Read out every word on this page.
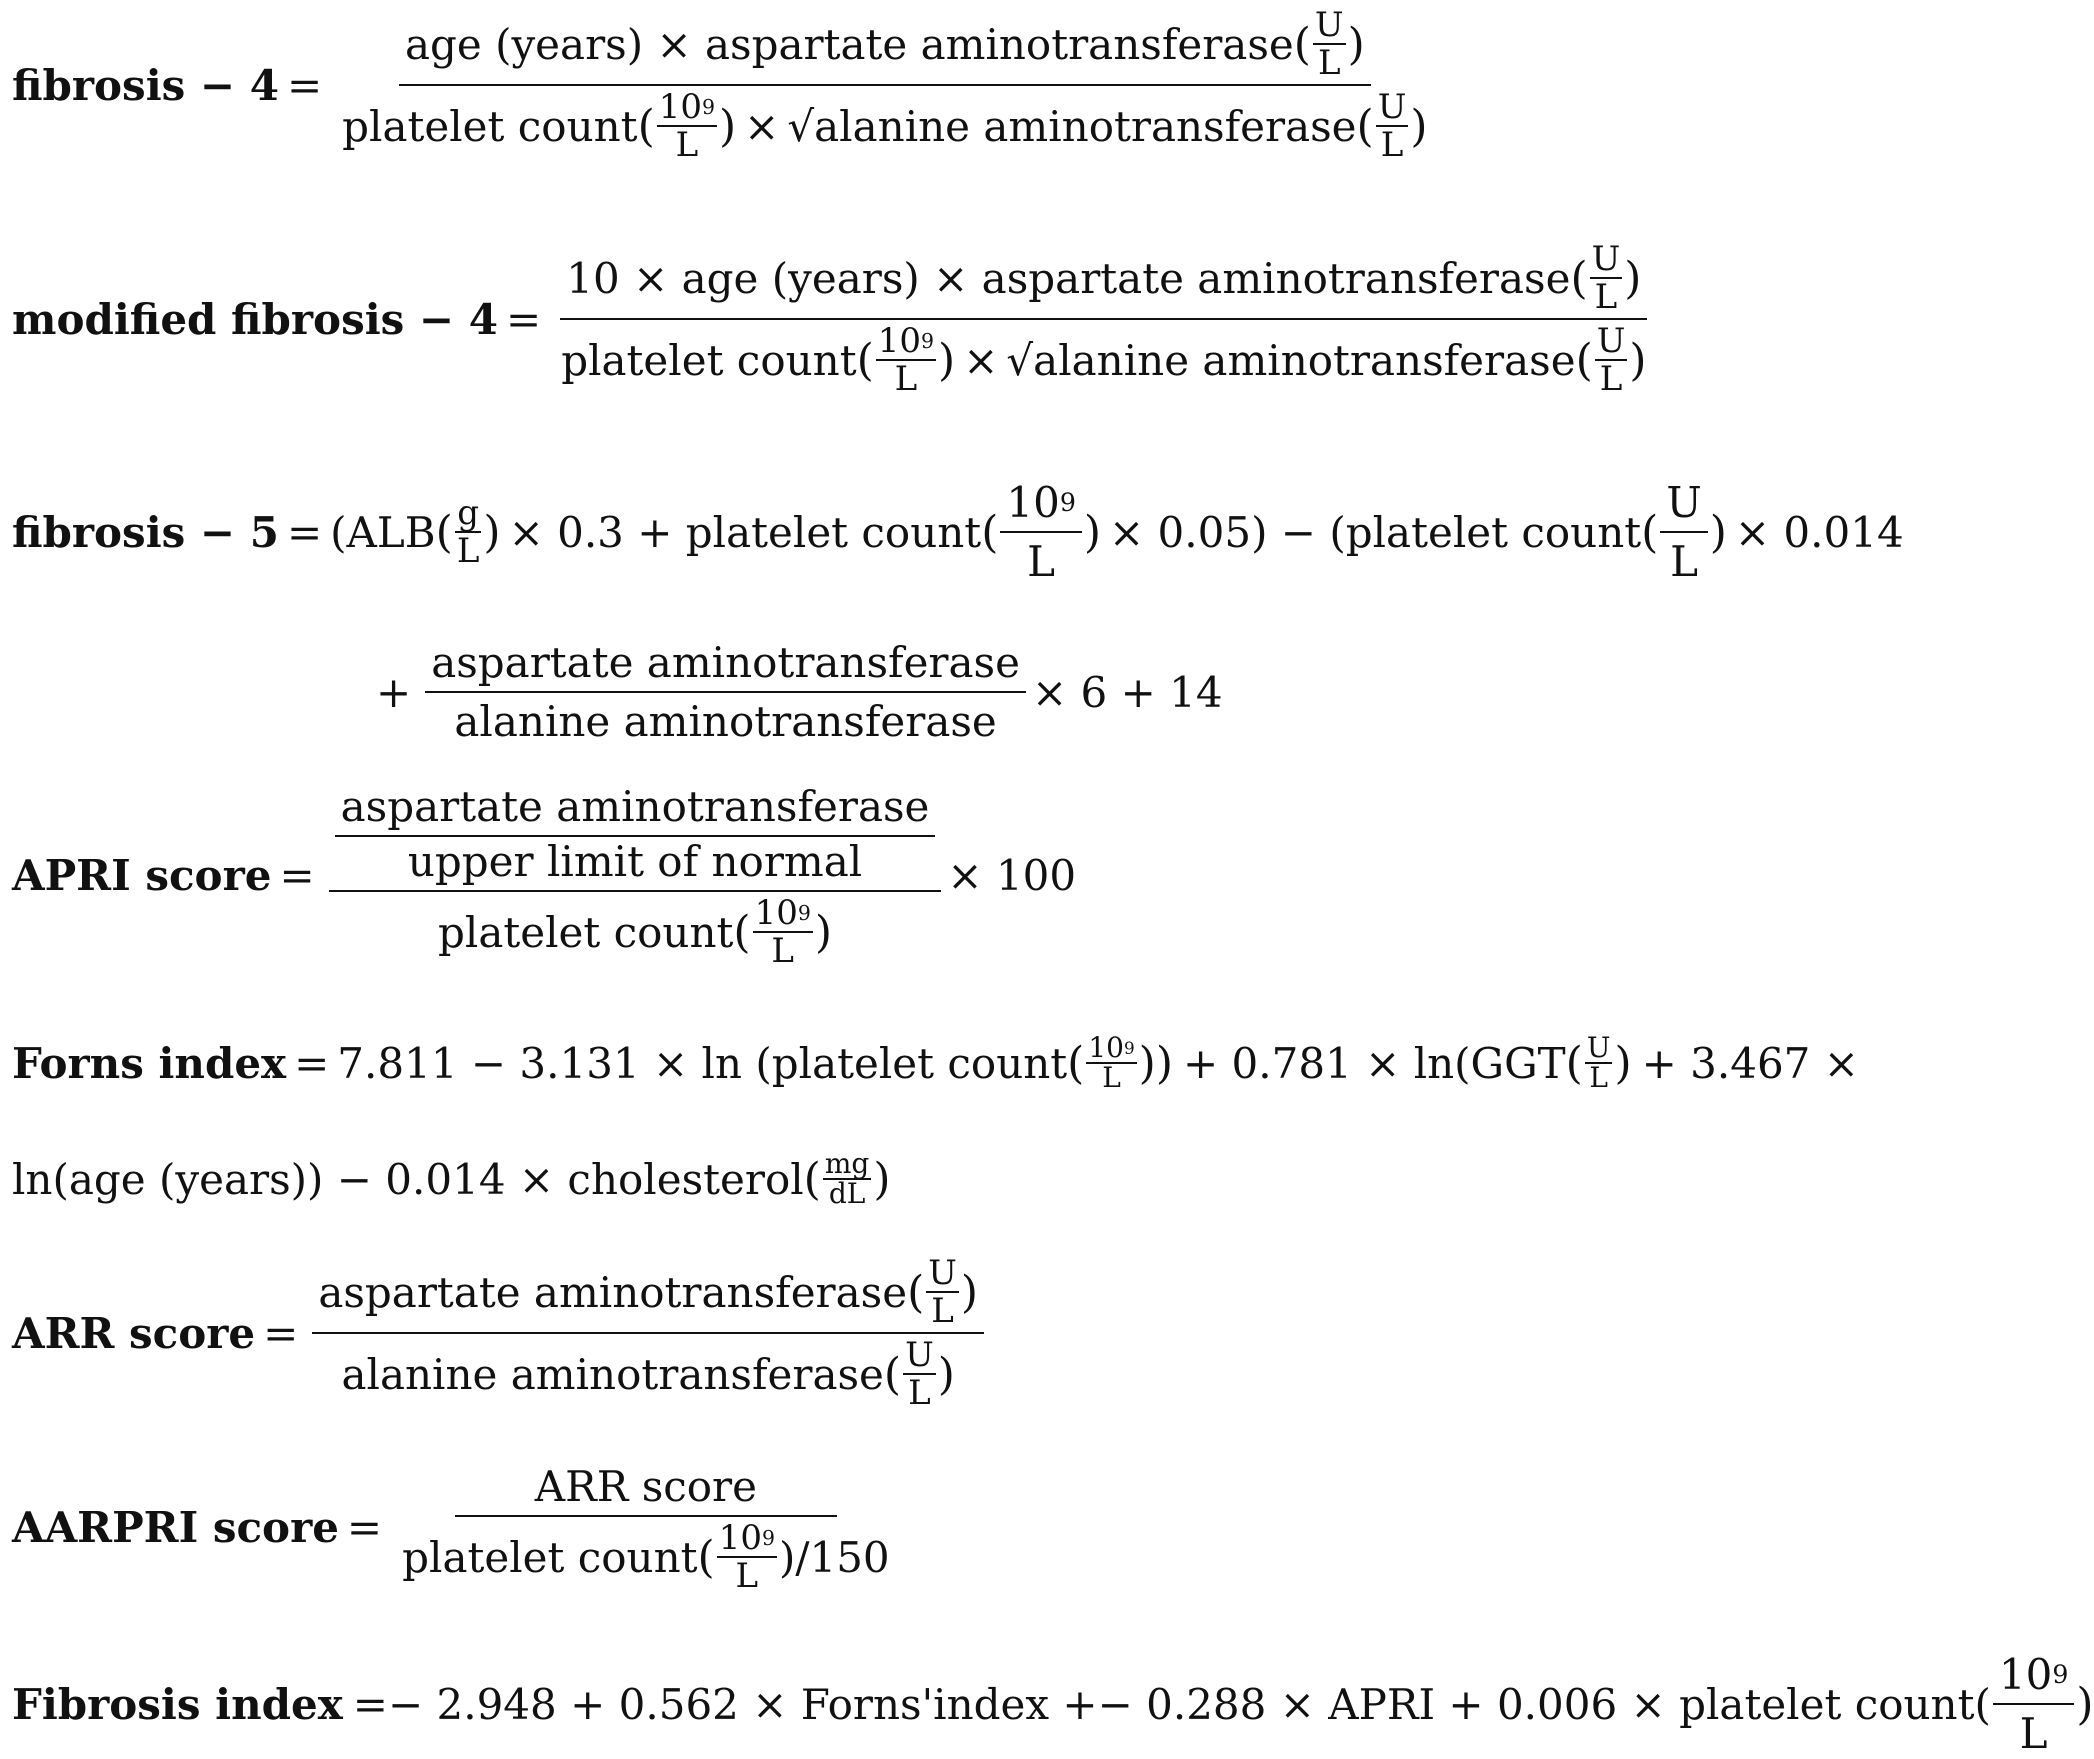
fibrosis − 4 =
age (years) × aspartate aminotransferase ( $\frac{U}{L}$ )
platelet count ( $\frac{10 9}{L}$ ) × √ alanine aminotransferase ( $\frac{U}{L}$ )
modified fibrosis − 4 =
10 × age (years) × aspartate aminotransferase ( $\frac{U}{L}$ )
platelet count ( $\frac{10 9}{L}$ ) × √ alanine aminotransferase ( $\frac{U}{L}$ )
fibrosis − 5 = (ALB ( $\frac{g}{L}$ ) × 0.3 + platelet count ( $\frac{10 9}{L}$ ) × 0.05) − (platelet count ( $\frac{U}{L}$ ) × 0.014
+ $\frac{\text{aspartate aminotransferase}}{\text{alanine aminotransferase}} \times 6 + 14$
APRI score = $\frac{\text{aspartate aminotransferase}}{\text{upper limit of normal}}$
platelet count ( $\frac{10 9}{L}$ )
× 100
Forns index = 7.811 − 3.131 × ln (platelet count ( $\frac{10 9}{L}$ )) + 0.781 × ln(GGT ( $\frac{U}{L}$ ) + 3.467 ×
ln(age (years)) − 0.014 × cholesterol ( $\frac{mg}{dL}$ )
ARR score =
aspartate aminotransferase ( $\frac{U}{L}$ )
alanine aminotransferase ( $\frac{U}{L}$ )
AARPRI score =
ARR score
platelet count ( $\frac{10 9}{L} )/150$
Fibrosis index =− 2.948 + 0.562 × Forns'index +− 0.288 × APRI + 0.006 × platelet count( $\frac{10 9}{L}$ )
